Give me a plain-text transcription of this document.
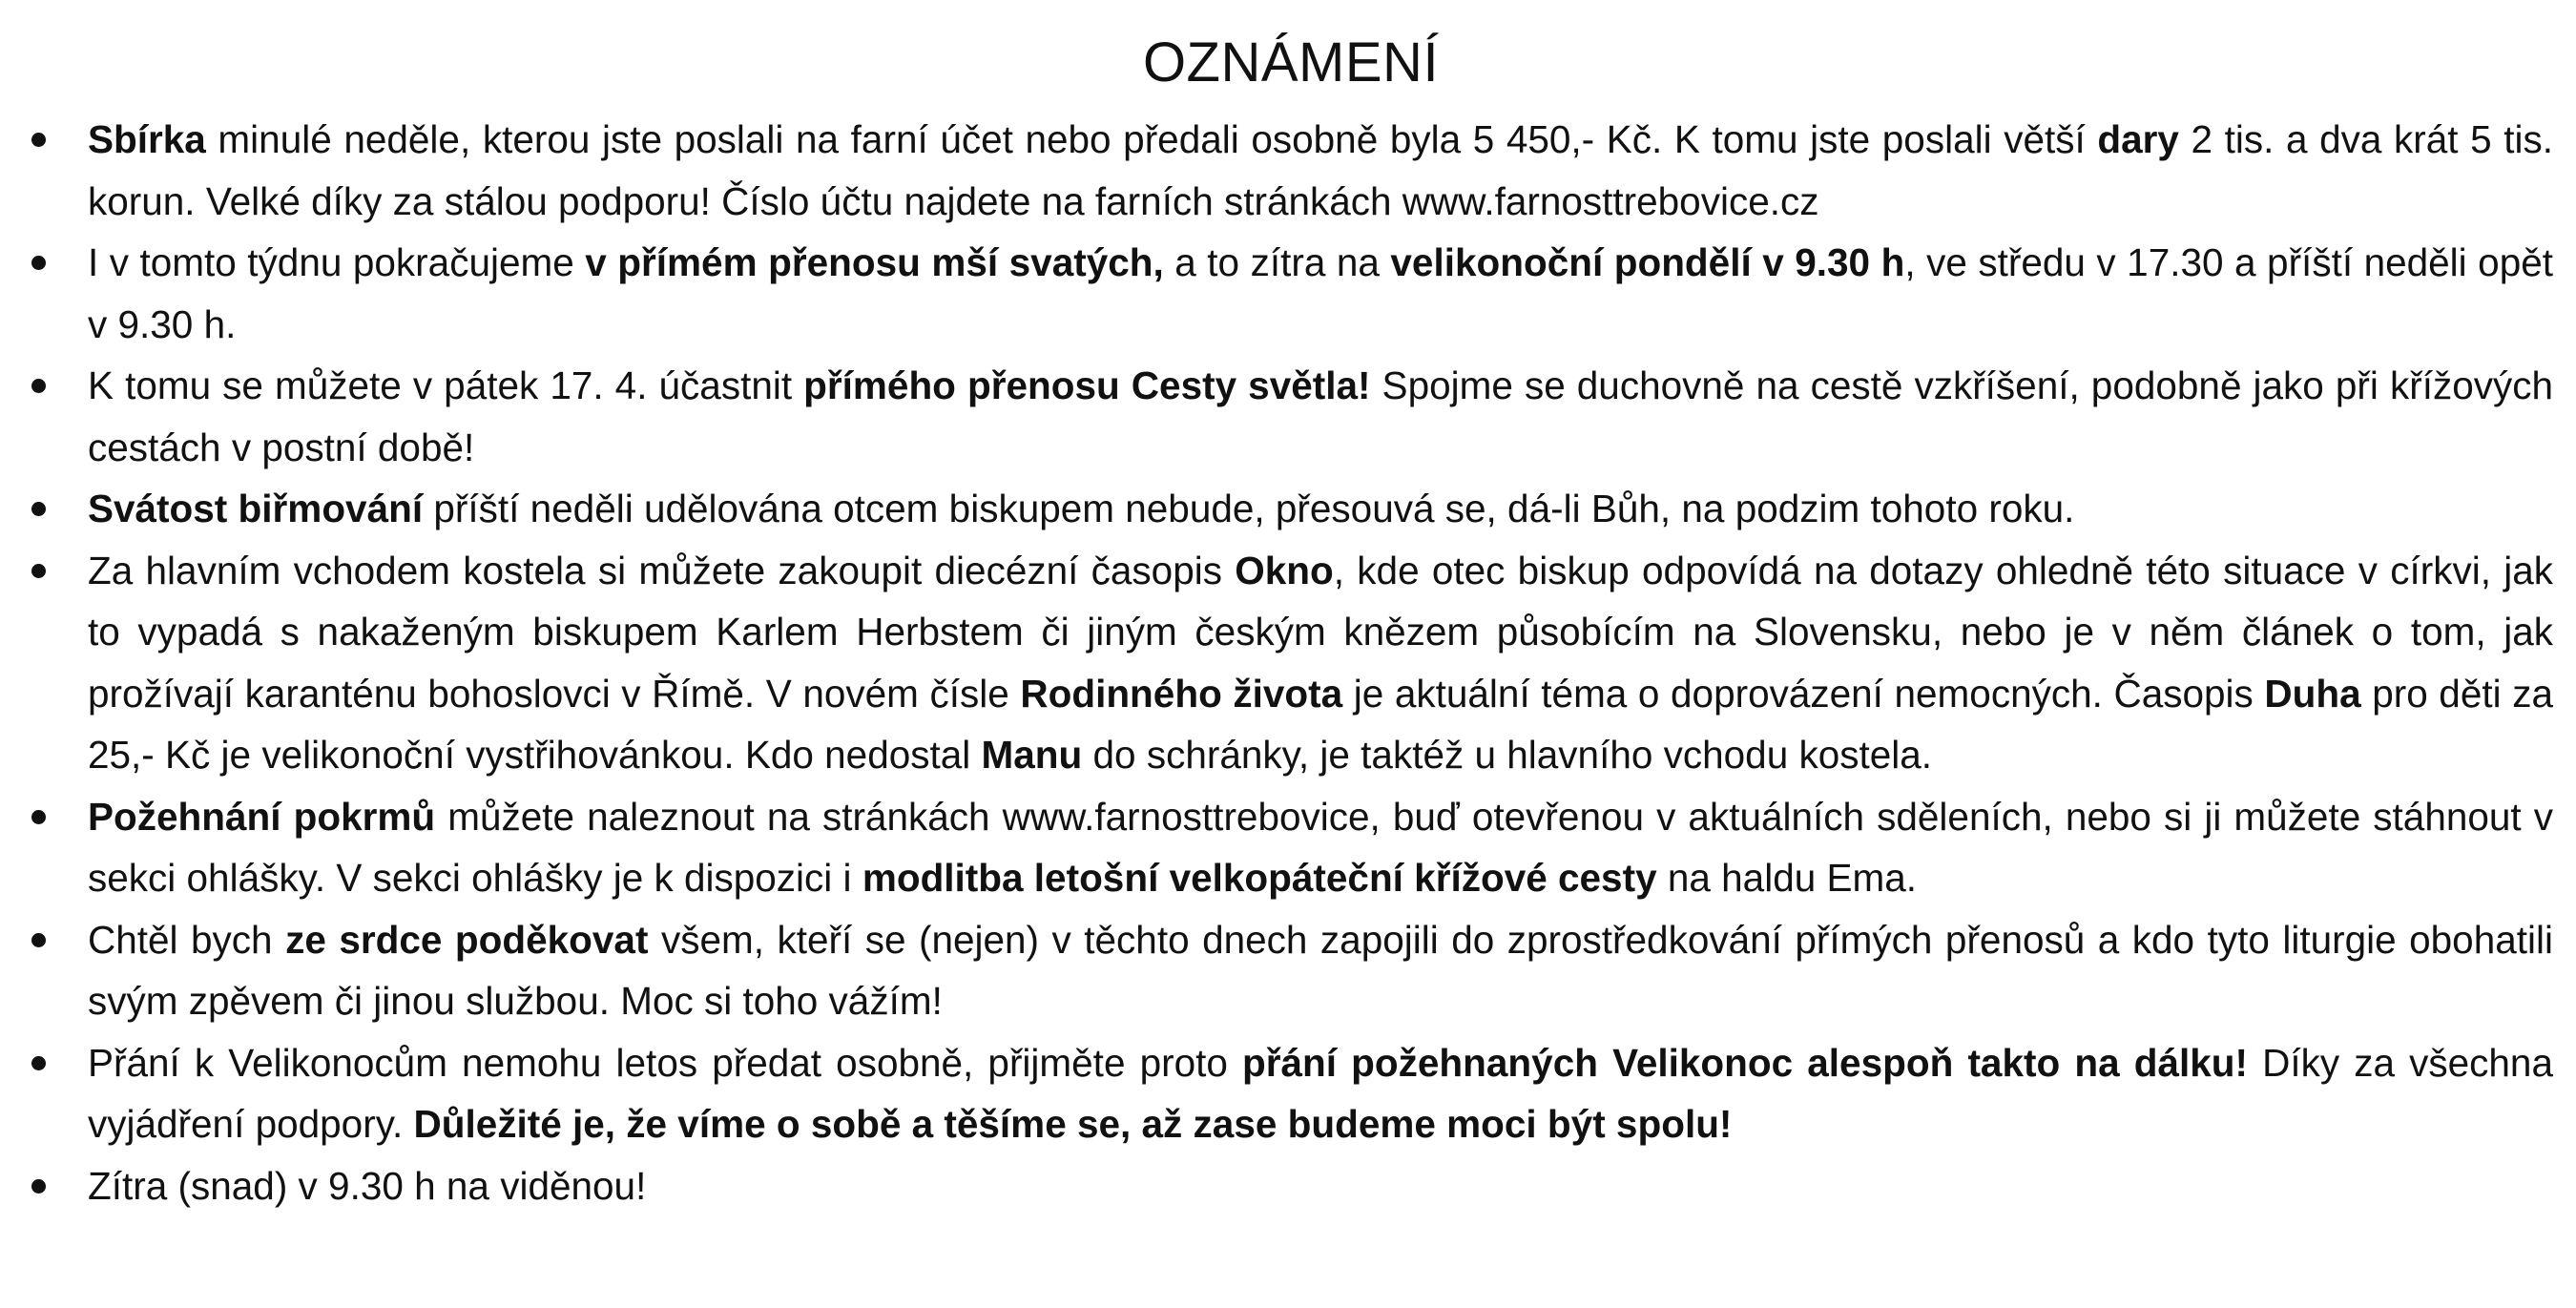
OZNÁMENÍ
Sbírka minulé neděle, kterou jste poslali na farní účet nebo předali osobně byla 5 450,- Kč. K tomu jste poslali větší dary 2 tis. a dva krát 5 tis. korun. Velké díky za stálou podporu! Číslo účtu najdete na farních stránkách www.farnosttrebovice.cz
I v tomto týdnu pokračujeme v přímém přenosu mší svatých, a to zítra na velikonoční pondělí v 9.30 h, ve středu v 17.30 a příští neděli opět v 9.30 h.
K tomu se můžete v pátek 17. 4. účastnit přímého přenosu Cesty světla! Spojme se duchovně na cestě vzkříšení, podobně jako při křížových cestách v postní době!
Svátost biřmování příští neděli udělována otcem biskupem nebude, přesouvá se, dá-li Bůh, na podzim tohoto roku.
Za hlavním vchodem kostela si můžete zakoupit diecézní časopis Okno, kde otec biskup odpovídá na dotazy ohledně této situace v církvi, jak to vypadá s nakaženým biskupem Karlem Herbstem či jiným českým knězem působícím na Slovensku, nebo je v něm článek o tom, jak prožívají karanténu bohoslovci v Římě. V novém čísle Rodinného života je aktuální téma o doprovázení nemocných. Časopis Duha pro děti za 25,- Kč je velikonoční vystřihovánkou. Kdo nedostal Manu do schránky, je taktéž u hlavního vchodu kostela.
Požehnání pokrmů můžete naleznout na stránkách www.farnosttrebovice, buď otevřenou v aktuálních sděleních, nebo si ji můžete stáhnout v sekci ohlášky. V sekci ohlášky je k dispozici i modlitba letošní velkopáteční křížové cesty na haldu Ema.
Chtěl bych ze srdce poděkovat všem, kteří se (nejen) v těchto dnech zapojili do zprostředkování přímých přenosů a kdo tyto liturgie obohatili svým zpěvem či jinou službou. Moc si toho vážím!
Přání k Velikonocům nemohu letos předat osobně, přijměte proto přání požehnaných Velikonoc alespoň takto na dálku! Díky za všechna vyjádření podpory. Důležité je, že víme o sobě a těšíme se, až zase budeme moci být spolu!
Zítra (snad) v 9.30 h na viděnou!
